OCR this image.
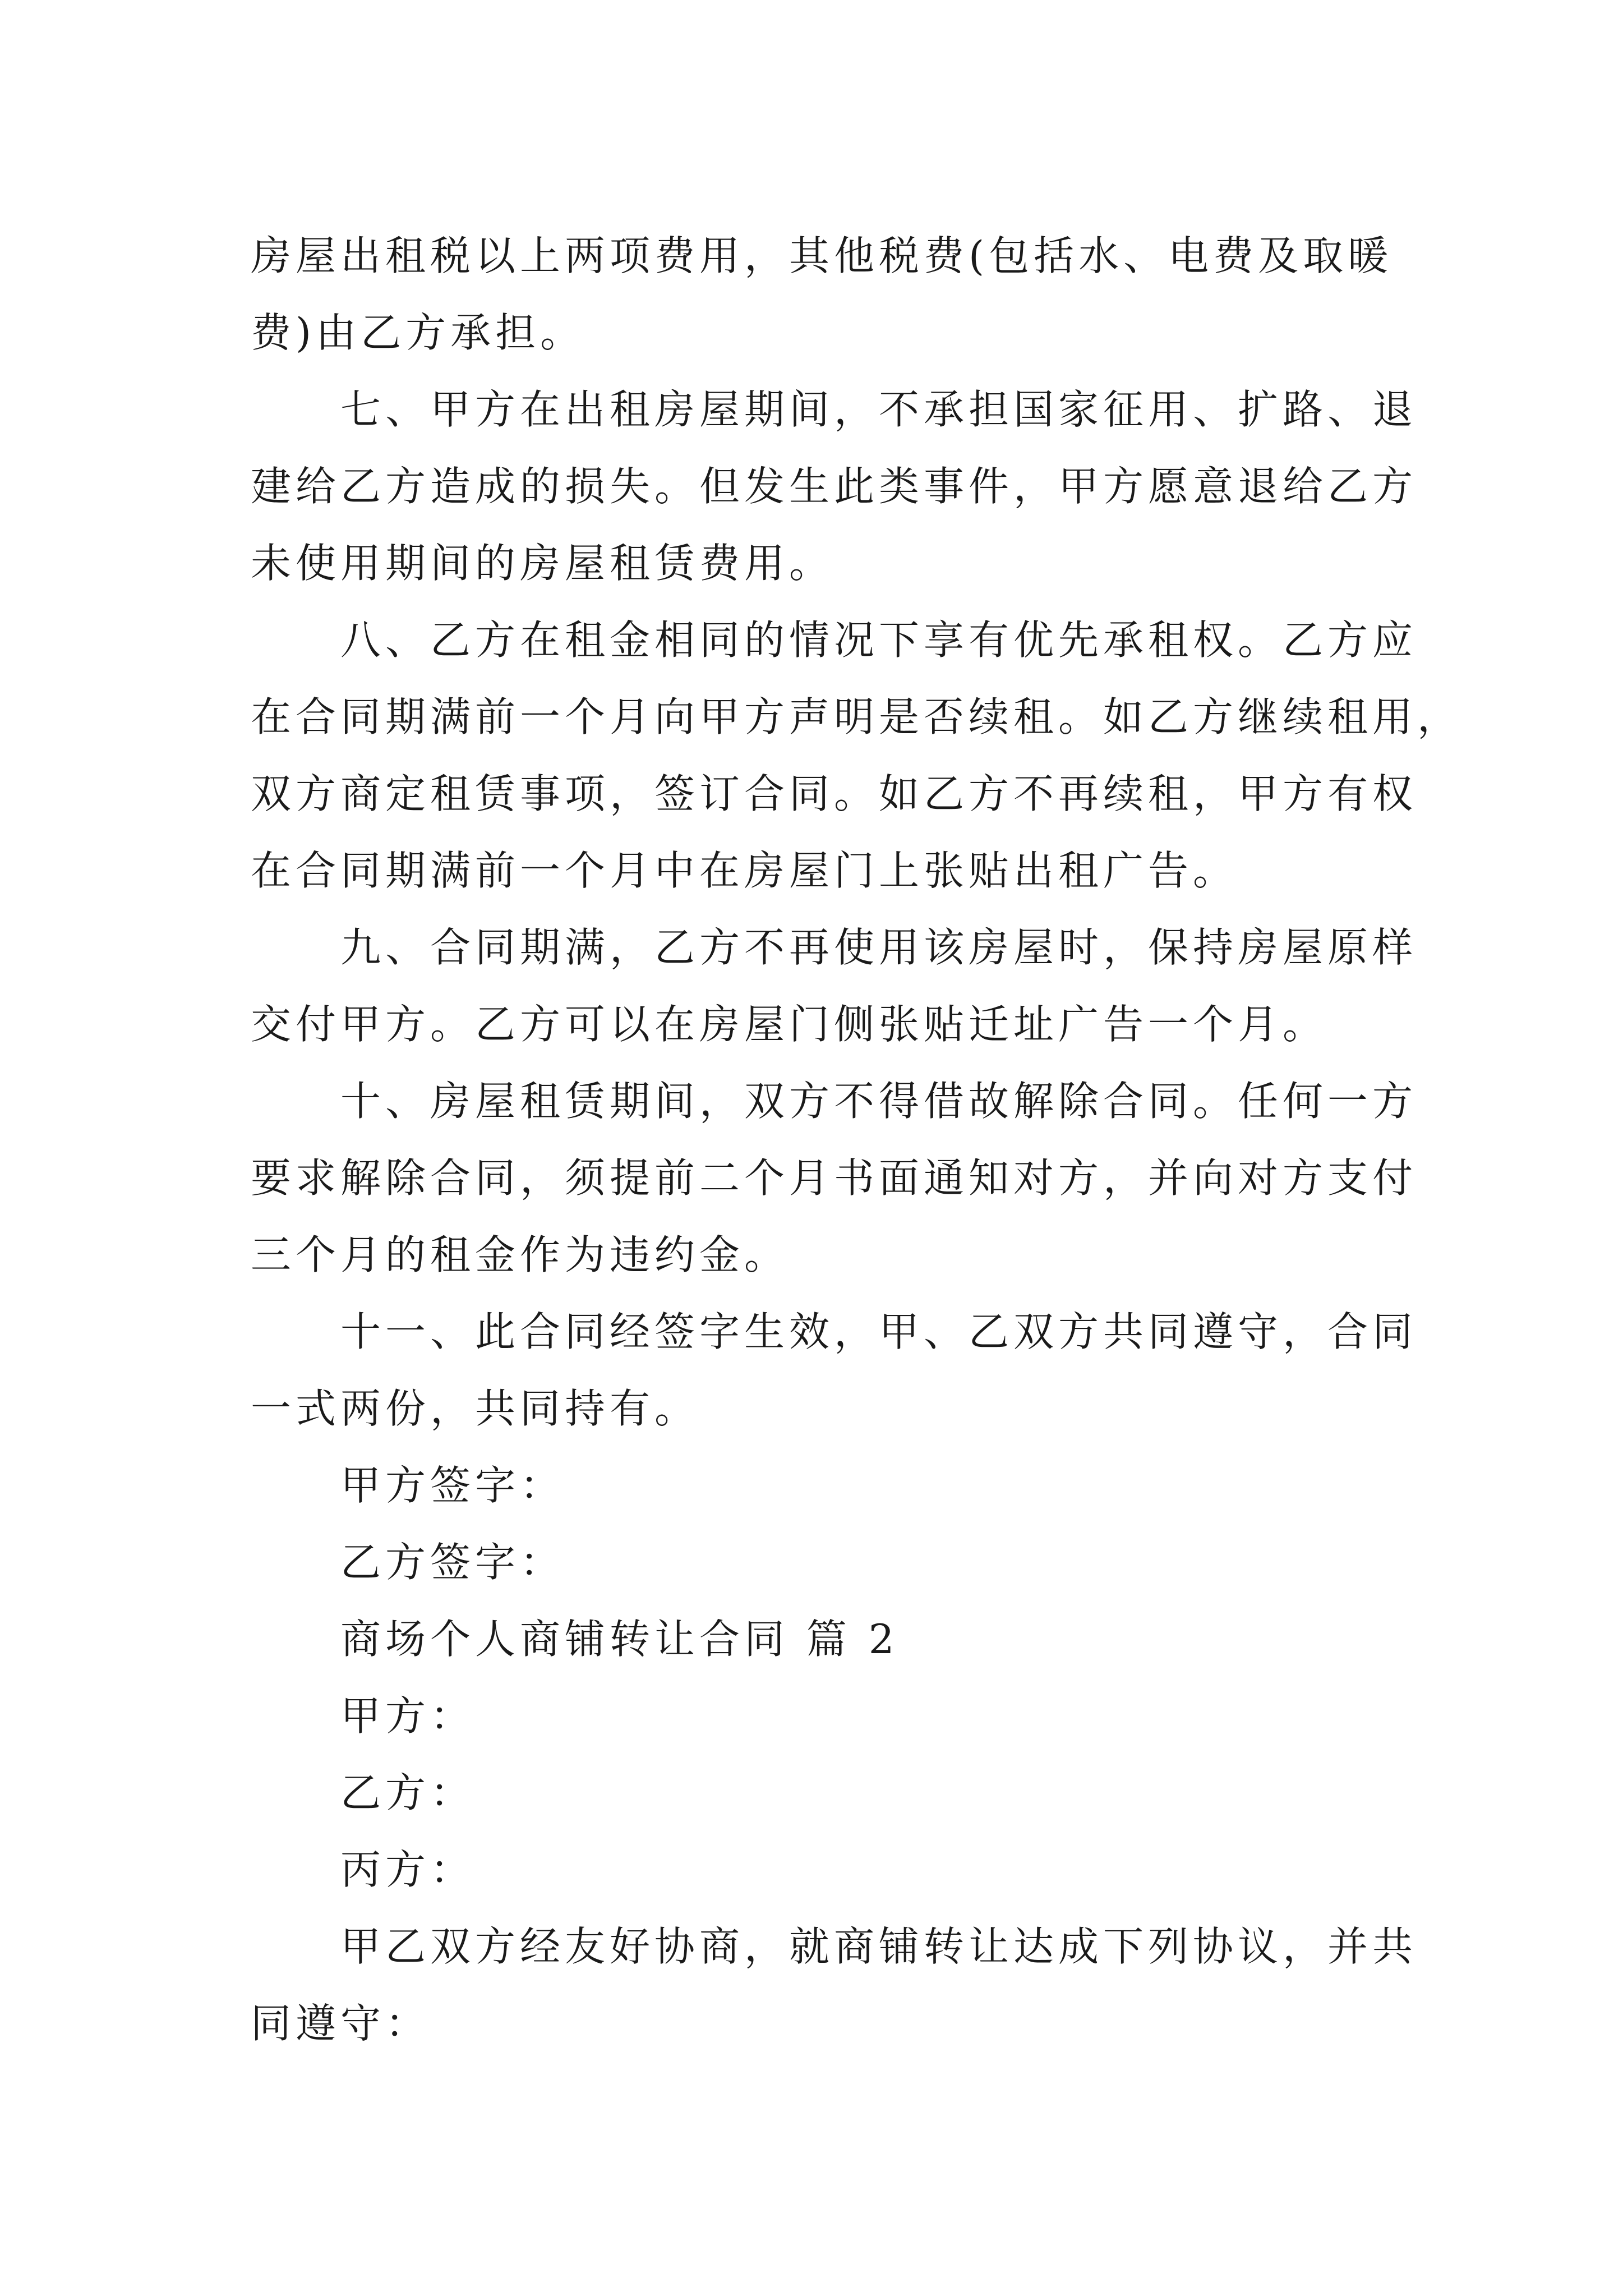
房屋出租税以上两项费用，其他税费(包括水、电费及取暖
费)由乙方承担。
七、甲方在出租房屋期间，不承担国家征用、扩路、退
建给乙方造成的损失。但发生此类事件，甲方愿意退给乙方
未使用期间的房屋租赁费用。
八、乙方在租金相同的情况下享有优先承租权。乙方应
在合同期满前一个月向甲方声明是否续租。如乙方继续租用，
双方商定租赁事项，签订合同。如乙方不再续租，甲方有权
在合同期满前一个月中在房屋门上张贴出租广告。
九、合同期满，乙方不再使用该房屋时，保持房屋原样
交付甲方。乙方可以在房屋门侧张贴迁址广告一个月。
十、房屋租赁期间，双方不得借故解除合同。任何一方
要求解除合同，须提前二个月书面通知对方，并向对方支付
三个月的租金作为违约金。
十一、此合同经签字生效，甲、乙双方共同遵守，合同
一式两份，共同持有。
甲方签字：
乙方签字：
商场个人商铺转让合同 篇 2
甲方：
乙方：
丙方：
甲乙双方经友好协商，就商铺转让达成下列协议，并共
同遵守：
